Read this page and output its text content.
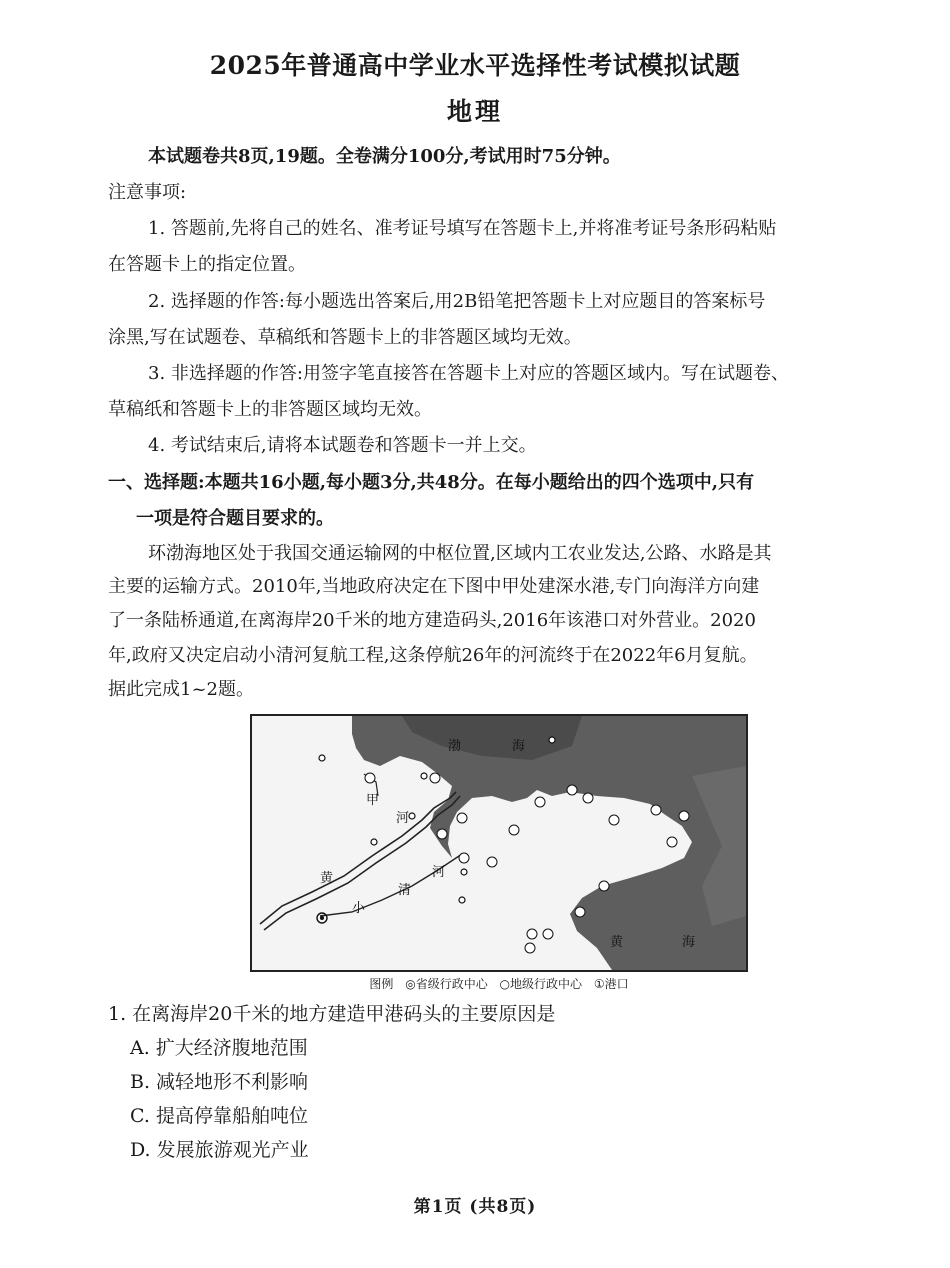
2025年普通高中学业水平选择性考试模拟试题
地理
本试题卷共8页,19题。全卷满分100分,考试用时75分钟。
注意事项:
1. 答题前,先将自己的姓名、准考证号填写在答题卡上,并将准考证号条形码粘贴
在答题卡上的指定位置。
2. 选择题的作答:每小题选出答案后,用2B铅笔把答题卡上对应题目的答案标号
涂黑,写在试题卷、草稿纸和答题卡上的非答题区域均无效。
3. 非选择题的作答:用签字笔直接答在答题卡上对应的答题区域内。写在试题卷、
草稿纸和答题卡上的非答题区域均无效。
4. 考试结束后,请将本试题卷和答题卡一并上交。
一、选择题:本题共16小题,每小题3分,共48分。在每小题给出的四个选项中,只有
一项是符合题目要求的。
环渤海地区处于我国交通运输网的中枢位置,区域内工农业发达,公路、水路是其
主要的运输方式。2010年,当地政府决定在下图中甲处建深水港,专门向海洋方向建
了一条陆桥通道,在离海岸20千米的地方建造码头,2016年该港口对外营业。2020
年,政府又决定启动小清河复航工程,这条停航26年的河流终于在2022年6月复航。
据此完成1~2题。
渤	海
黄	海
甲
河
黄	河
小
清
图例 ◎省级行政中心 ○地级行政中心 ①港口
1. 在离海岸20千米的地方建造甲港码头的主要原因是
A. 扩大经济腹地范围
B. 减轻地形不利影响
C. 提高停靠船舶吨位
D. 发展旅游观光产业
第1页 (共8页)
